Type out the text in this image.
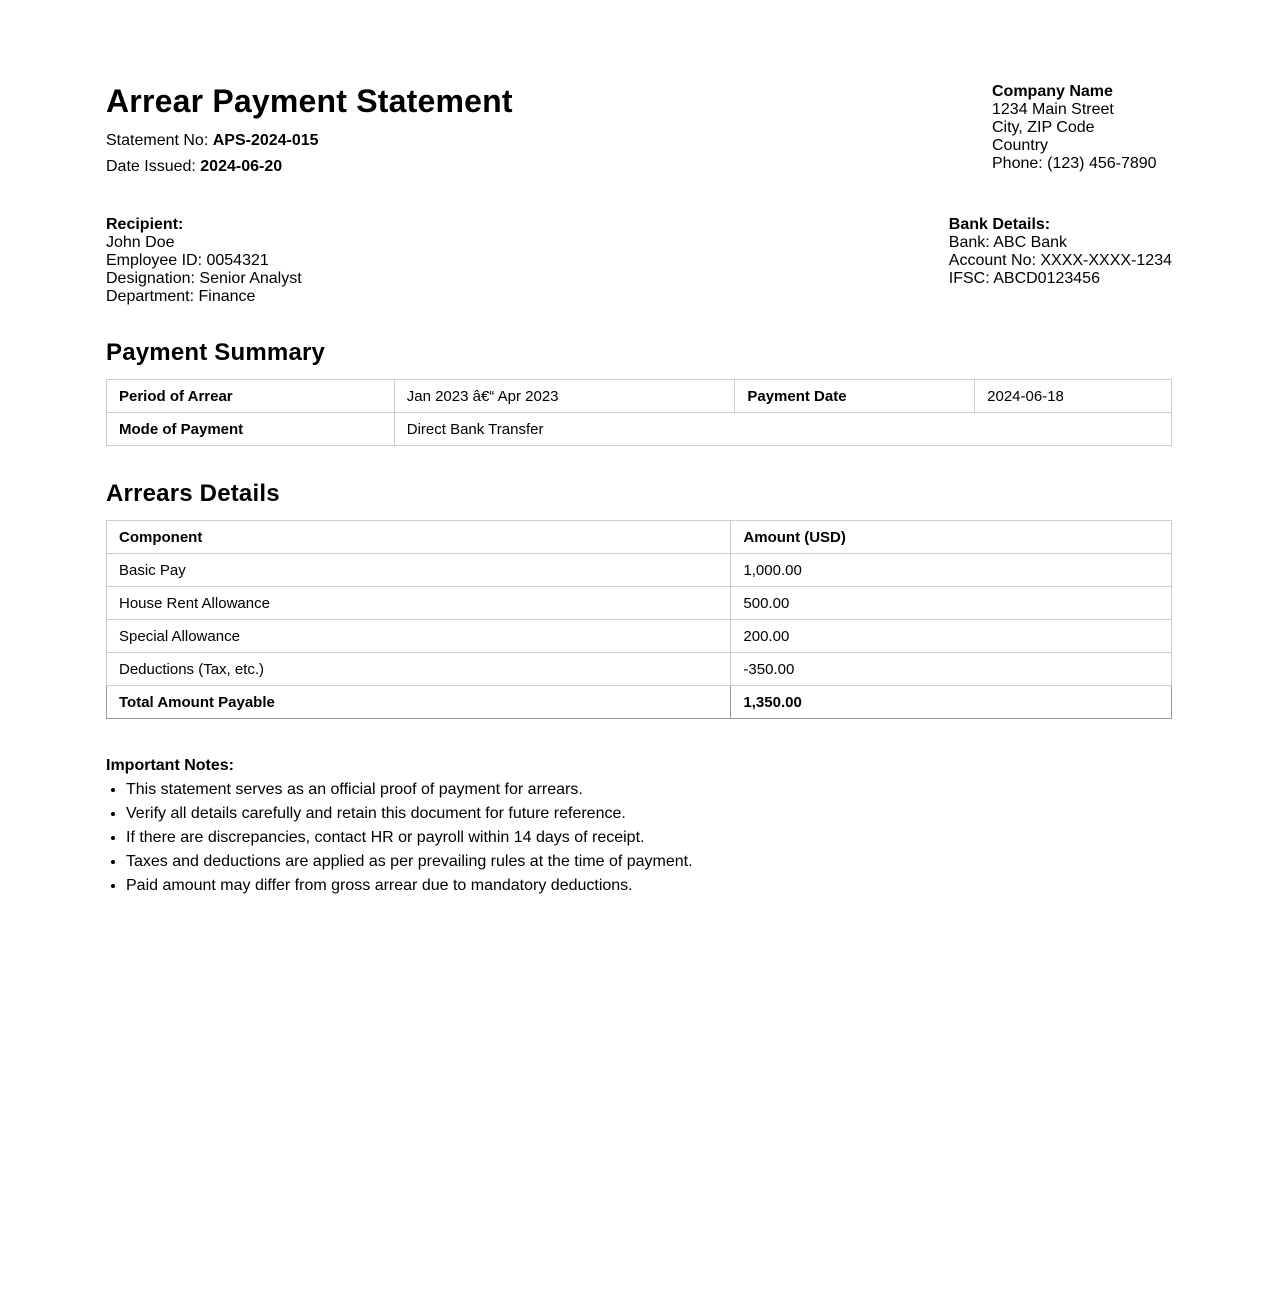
Arrear Payment Statement
Statement No: APS-2024-015
Date Issued: 2024-06-20
Company Name
1234 Main Street
City, ZIP Code
Country
Phone: (123) 456-7890
Recipient:
John Doe
Employee ID: 0054321
Designation: Senior Analyst
Department: Finance
Bank Details:
Bank: ABC Bank
Account No: XXXX-XXXX-1234
IFSC: ABCD0123456
Payment Summary
Period of Arrear	Jan 2023 â€“ Apr 2023	Payment Date	2024-06-18
Mode of Payment	Direct Bank Transfer		
Arrears Details
Component	Amount (USD)
Basic Pay	1,000.00
House Rent Allowance	500.00
Special Allowance	200.00
Deductions (Tax, etc.)	-350.00
Total Amount Payable	1,350.00
Important Notes:
• This statement serves as an official proof of payment for arrears.
• Verify all details carefully and retain this document for future reference.
• If there are discrepancies, contact HR or payroll within 14 days of receipt.
• Taxes and deductions are applied as per prevailing rules at the time of payment.
• Paid amount may differ from gross arrear due to mandatory deductions.
